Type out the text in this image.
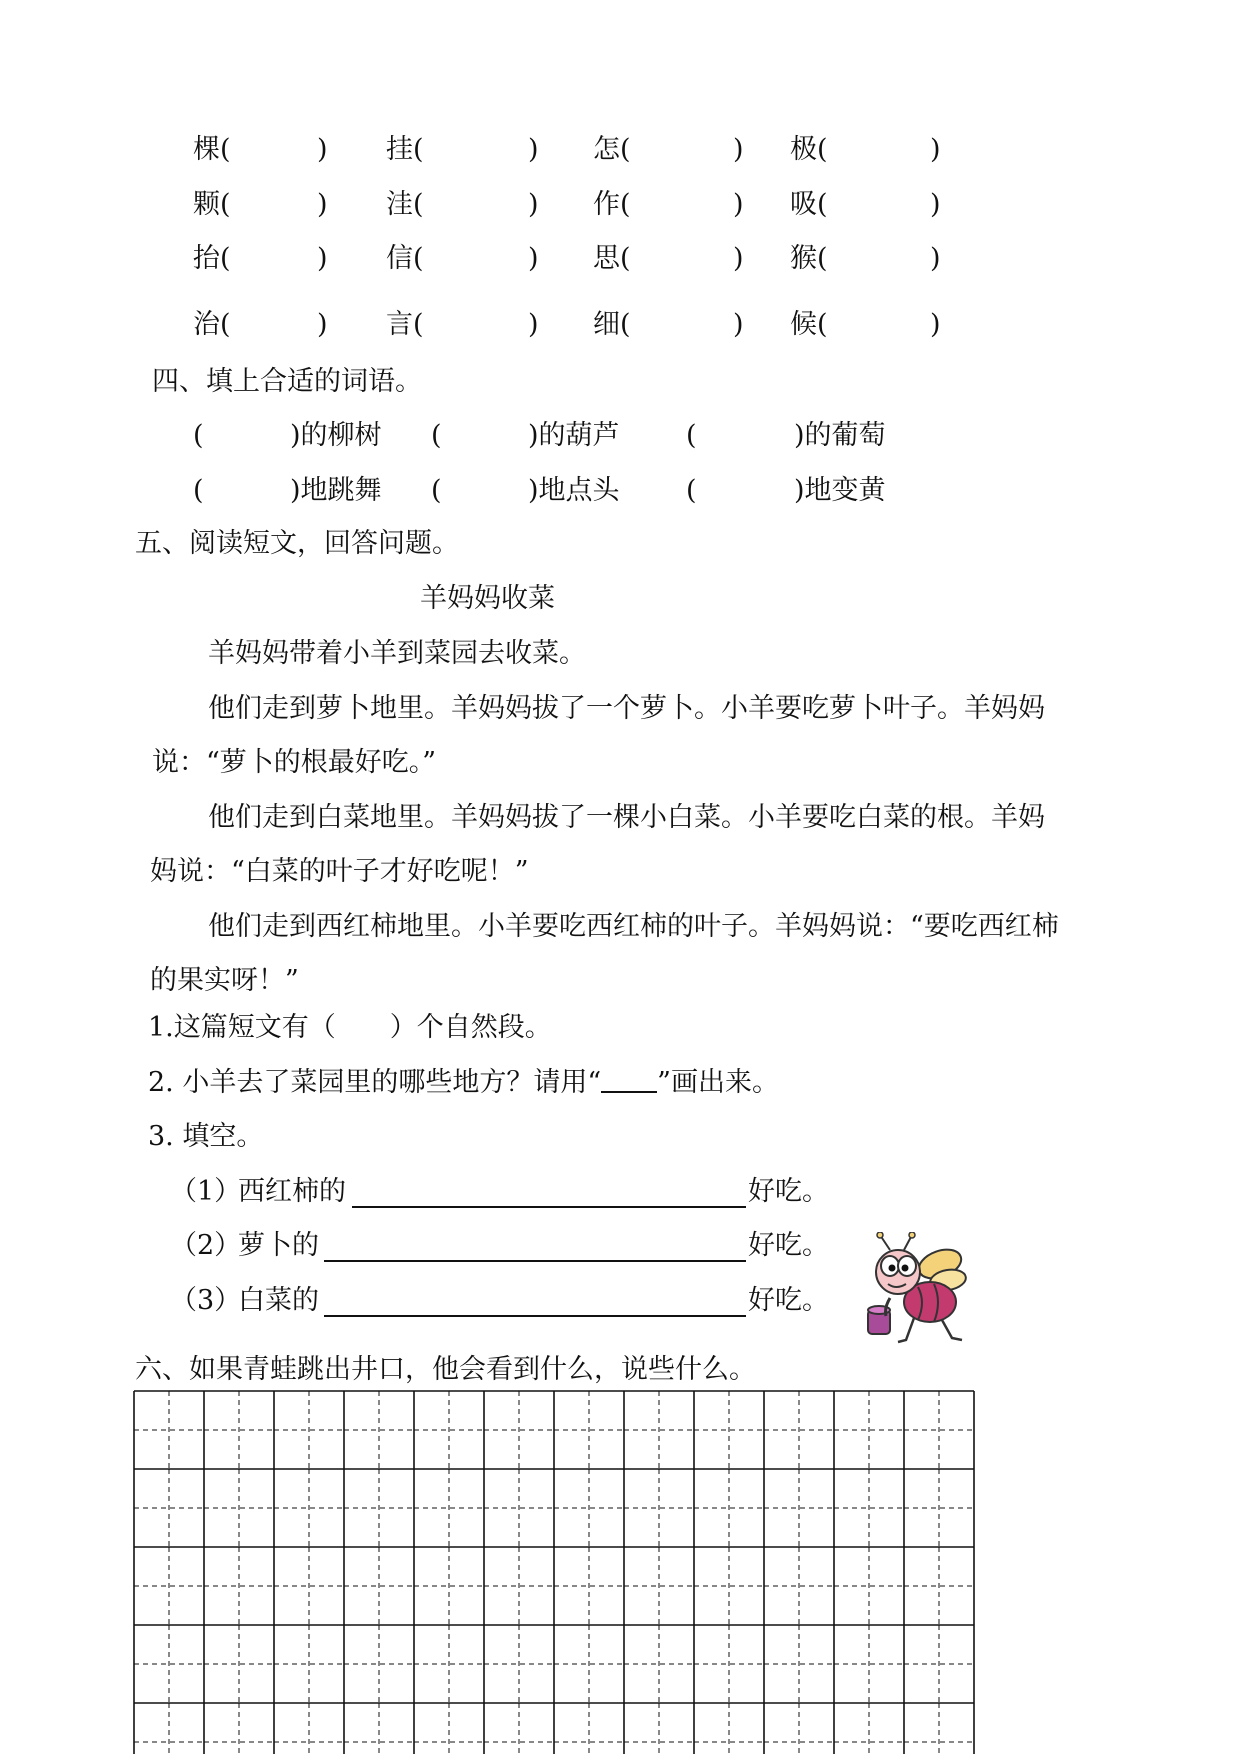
棵(	) 挂(	) 怎(	) 极(	)
颗(	) 洼(	) 作(	) 吸(	)
抬(	) 信(	) 思(	) 猴(	)
治(	) 言(	) 细(	) 候(	)
四、填上合适的词语。
(	)的柳树 (	)的葫芦 (	)的葡萄
(	)地跳舞 (	)地点头 (	)地变黄
五、阅读短文，回答问题。
羊妈妈收菜
羊妈妈带着小羊到菜园去收菜。
他们走到萝卜地里。羊妈妈拔了一个萝卜。小羊要吃萝卜叶子。羊妈妈
说：“萝卜的根最好吃。”
他们走到白菜地里。羊妈妈拔了一棵小白菜。小羊要吃白菜的根。羊妈
妈说：“白菜的叶子才好吃呢！”
他们走到西红柿地里。小羊要吃西红柿的叶子。羊妈妈说：“要吃西红柿
的果实呀！”
1.这篇短文有（ ）个自然段。
2. 小羊去了菜园里的哪些地方？请用“ ”画出来。
3. 填空。
（1）
西红柿的	好吃。
（2）
萝卜的	好吃。
（3）
白菜的	好吃。
六、如果青蛙跳出井口，他会看到什么，说些什么。
